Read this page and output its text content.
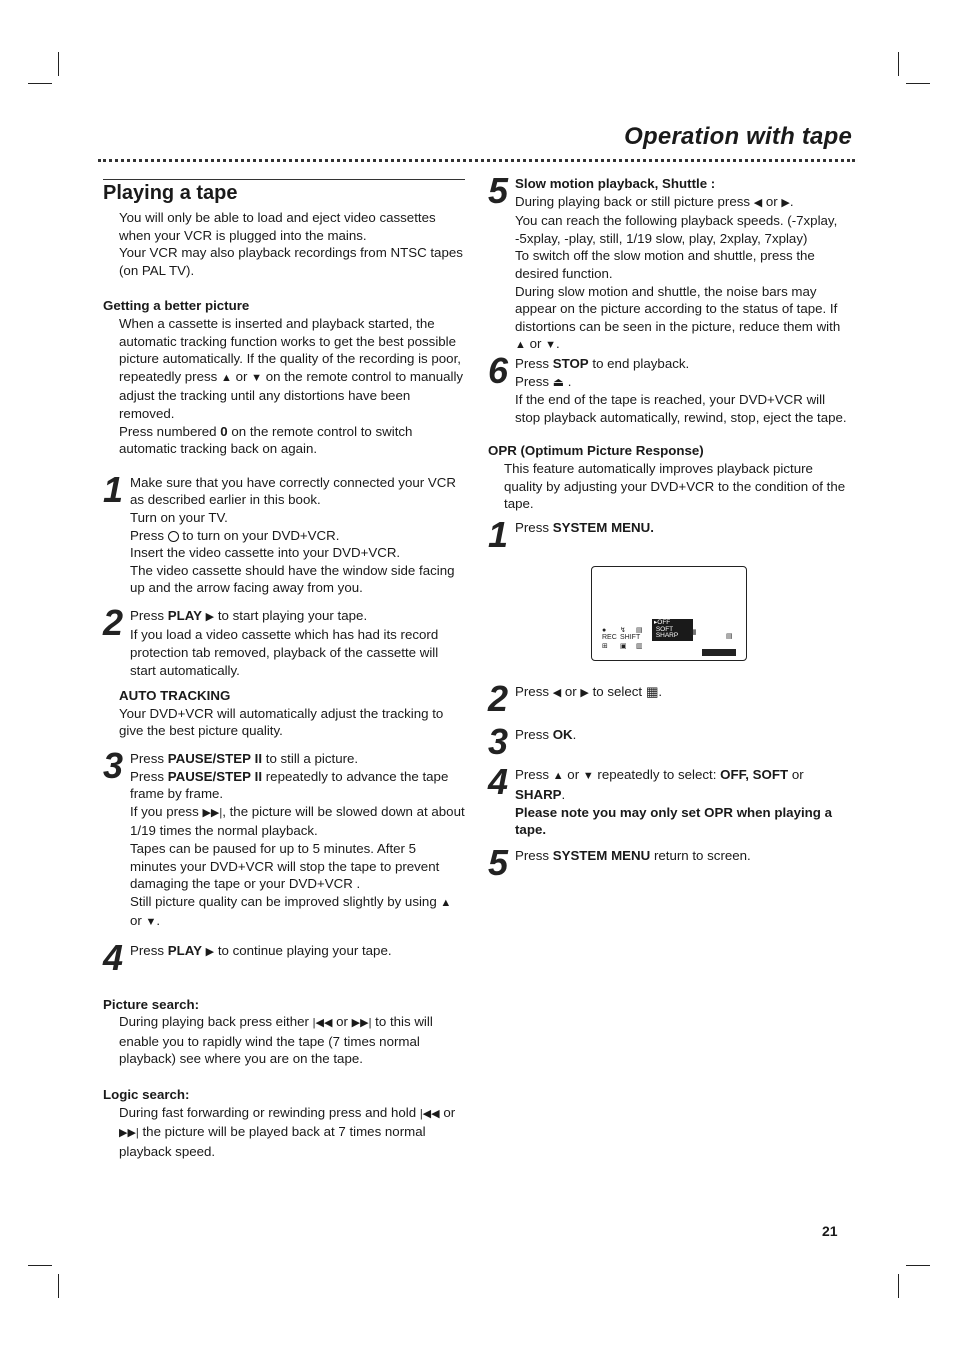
Operation with tape
Playing a tape

You will only be able to load and eject video cassettes when your VCR is plugged into the mains.

Your VCR may also playback recordings from NTSC tapes (on PAL TV).

Getting a better picture

When a cassette is inserted and playback started, the automatic tracking function works to get the best possible picture automatically. If the quality of the recording is poor, repeatedly press ▲ or ▼ on the remote control to manually adjust the tracking until any distortions have been removed.

Press numbered 0 on the remote control to switch automatic tracking back on again.

1 Make sure that you have correctly connected your VCR as described earlier in this book.

Turn on your TV.

Press to turn on your DVD+VCR.

Insert the video cassette into your DVD+VCR.

The video cassette should have the window side facing up and the arrow facing away from you.

2 Press PLAY ▶ to start playing your tape.

If you load a video cassette which has had its record protection tab removed, playback of the cassette will start automatically.

AUTO TRACKING

Your DVD+VCR will automatically adjust the tracking to give the best picture quality.

3 Press PAUSE/STEP II to still a picture.

Press PAUSE/STEP II repeatedly to advance the tape frame by frame.

If you press ▶▶|, the picture will be slowed down at about 1/19 times the normal playback.

Tapes can be paused for up to 5 minutes. After 5 minutes your DVD+VCR will stop the tape to prevent damaging the tape or your DVD+VCR .

Still picture quality can be improved slightly by using ▲ or ▼.

4 Press PLAY ▶ to continue playing your tape.

Picture search:

During playing back press either |◀◀ or ▶▶| to this will enable you to rapidly wind the tape (7 times normal playback) see where you are on the tape.

Logic search:

During fast forwarding or rewinding press and hold |◀◀ or ▶▶| the picture will be played back at 7 times normal playback speed.

5 Slow motion playback, Shuttle :

During playing back or still picture press ◀ or ▶.

You can reach the following playback speeds. (-7xplay, -5xplay, -play, still, 1/19 slow, play, 2xplay, 7xplay)

To switch off the slow motion and shuttle, press the desired function.

During slow motion and shuttle, the noise bars may appear on the picture according to the status of tape. If distortions can be seen in the picture, reduce them with ▲ or ▼.

6 Press STOP to end playback.

Press ⏏ .

If the end of the tape is reached, your DVD+VCR will stop playback automatically, rewind, stop, eject the tape.

OPR (Optimum Picture Response)

This feature automatically improves playback picture quality by adjusting your DVD+VCR to the condition of the tape.

1 Press SYSTEM MENU.

●
REC
↯
SHIFT
⊞ ▣
▤
▥
▸OFF
SOFT
SHARP	▦
▤
2 Press ◀ or ▶ to select ▦.

3 Press OK.

4 Press ▲ or ▼ repeatedly to select: OFF, SOFT or SHARP.

Please note you may only set OPR when playing a tape.

5 Press SYSTEM MENU return to screen.

21
